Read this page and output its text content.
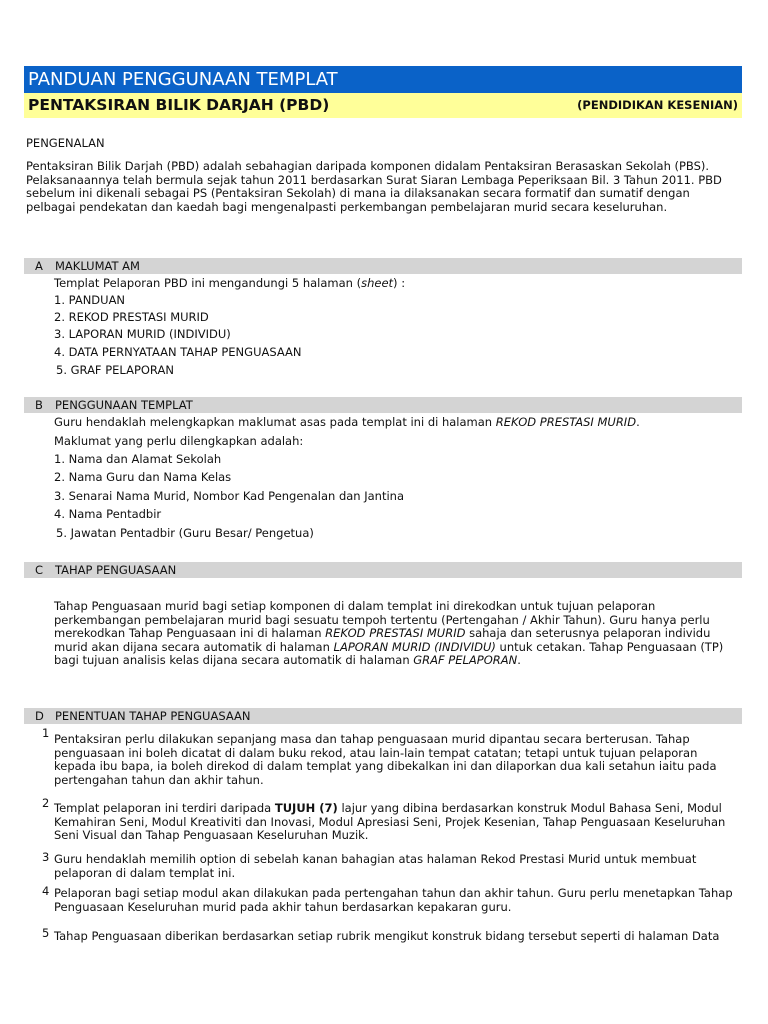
PANDUAN PENGGUNAAN TEMPLAT
PENTAKSIRAN BILIK DARJAH (PBD)	(PENDIDIKAN KESENIAN)
PENGENALAN

Pentaksiran Bilik Darjah (PBD) adalah sebahagian daripada komponen didalam Pentaksiran Berasaskan Sekolah (PBS). Pelaksanaannya telah bermula sejak tahun 2011 berdasarkan Surat Siaran Lembaga Peperiksaan Bil. 3 Tahun 2011. PBD sebelum ini dikenali sebagai PS (Pentaksiran Sekolah) di mana ia dilaksanakan secara formatif dan sumatif dengan pelbagai pendekatan dan kaedah bagi mengenalpasti perkembangan pembelajaran murid secara keseluruhan.

A MAKLUMAT AM
Templat Pelaporan PBD ini mengandungi 5 halaman (sheet) :
1. PANDUAN
2. REKOD PRESTASI MURID
3. LAPORAN MURID (INDIVIDU)
4. DATA PERNYATAAN TAHAP PENGUASAAN
5. GRAF PELAPORAN
B PENGGUNAAN TEMPLAT
Guru hendaklah melengkapkan maklumat asas pada templat ini di halaman REKOD PRESTASI MURID.
Maklumat yang perlu dilengkapkan adalah:
1. Nama dan Alamat Sekolah
2. Nama Guru dan Nama Kelas
3. Senarai Nama Murid, Nombor Kad Pengenalan dan Jantina
4. Nama Pentadbir
5. Jawatan Pentadbir (Guru Besar/ Pengetua)
C TAHAP PENGUASAAN

Tahap Penguasaan murid bagi setiap komponen di dalam templat ini direkodkan untuk tujuan pelaporan perkembangan pembelajaran murid bagi sesuatu tempoh tertentu (Pertengahan / Akhir Tahun). Guru hanya perlu merekodkan Tahap Penguasaan ini di halaman REKOD PRESTASI MURID sahaja dan seterusnya pelaporan individu murid akan dijana secara automatik di halaman LAPORAN MURID (INDIVIDU) untuk cetakan. Tahap Penguasaan (TP) bagi tujuan analisis kelas dijana secara automatik di halaman GRAF PELAPORAN.

D PENENTUAN TAHAP PENGUASAAN
1 Pentaksiran perlu dilakukan sepanjang masa dan tahap penguasaan murid dipantau secara berterusan. Tahap penguasaan ini boleh dicatat di dalam buku rekod, atau lain-lain tempat catatan; tetapi untuk tujuan pelaporan kepada ibu bapa, ia boleh direkod di dalam templat yang dibekalkan ini dan dilaporkan dua kali setahun iaitu pada pertengahan tahun dan akhir tahun.

2 Templat pelaporan ini terdiri daripada TUJUH (7) lajur yang dibina berdasarkan konstruk Modul Bahasa Seni, Modul Kemahiran Seni, Modul Kreativiti dan Inovasi, Modul Apresiasi Seni, Projek Kesenian, Tahap Penguasaan Keseluruhan Seni Visual dan Tahap Penguasaan Keseluruhan Muzik.

3 Guru hendaklah memilih option di sebelah kanan bahagian atas halaman Rekod Prestasi Murid untuk membuat pelaporan di dalam templat ini.

4 Pelaporan bagi setiap modul akan dilakukan pada pertengahan tahun dan akhir tahun. Guru perlu menetapkan Tahap Penguasaan Keseluruhan murid pada akhir tahun berdasarkan kepakaran guru.

5 Tahap Penguasaan diberikan berdasarkan setiap rubrik mengikut konstruk bidang tersebut seperti di halaman Data
